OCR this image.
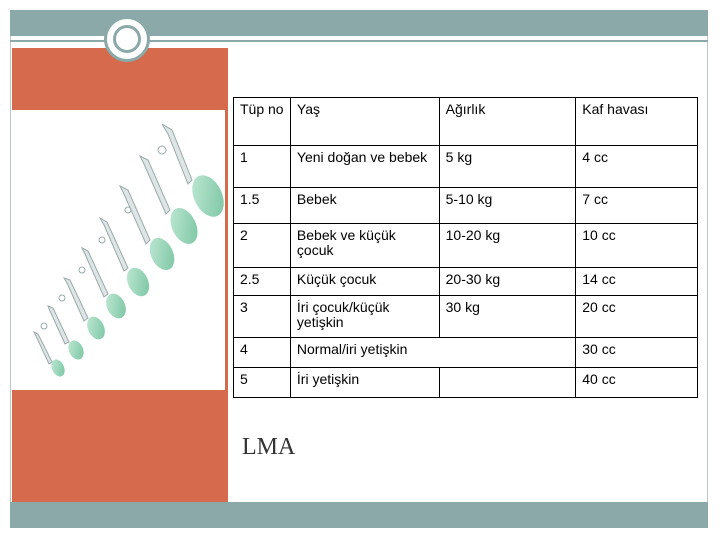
Tüp no	Yaş	Ağırlık	Kaf havası
1	Yeni doğan ve bebek	5 kg	4 cc
1.5	Bebek	5-10 kg	7 cc
2	Bebek ve küçük çocuk	10-20 kg	10 cc
2.5	Küçük çocuk	20-30 kg	14 cc
3	İri çocuk/küçük yetişkin	30 kg	20 cc
4	Normal/iri yetişkin		30 cc
5	İri yetişkin		40 cc
LMA
